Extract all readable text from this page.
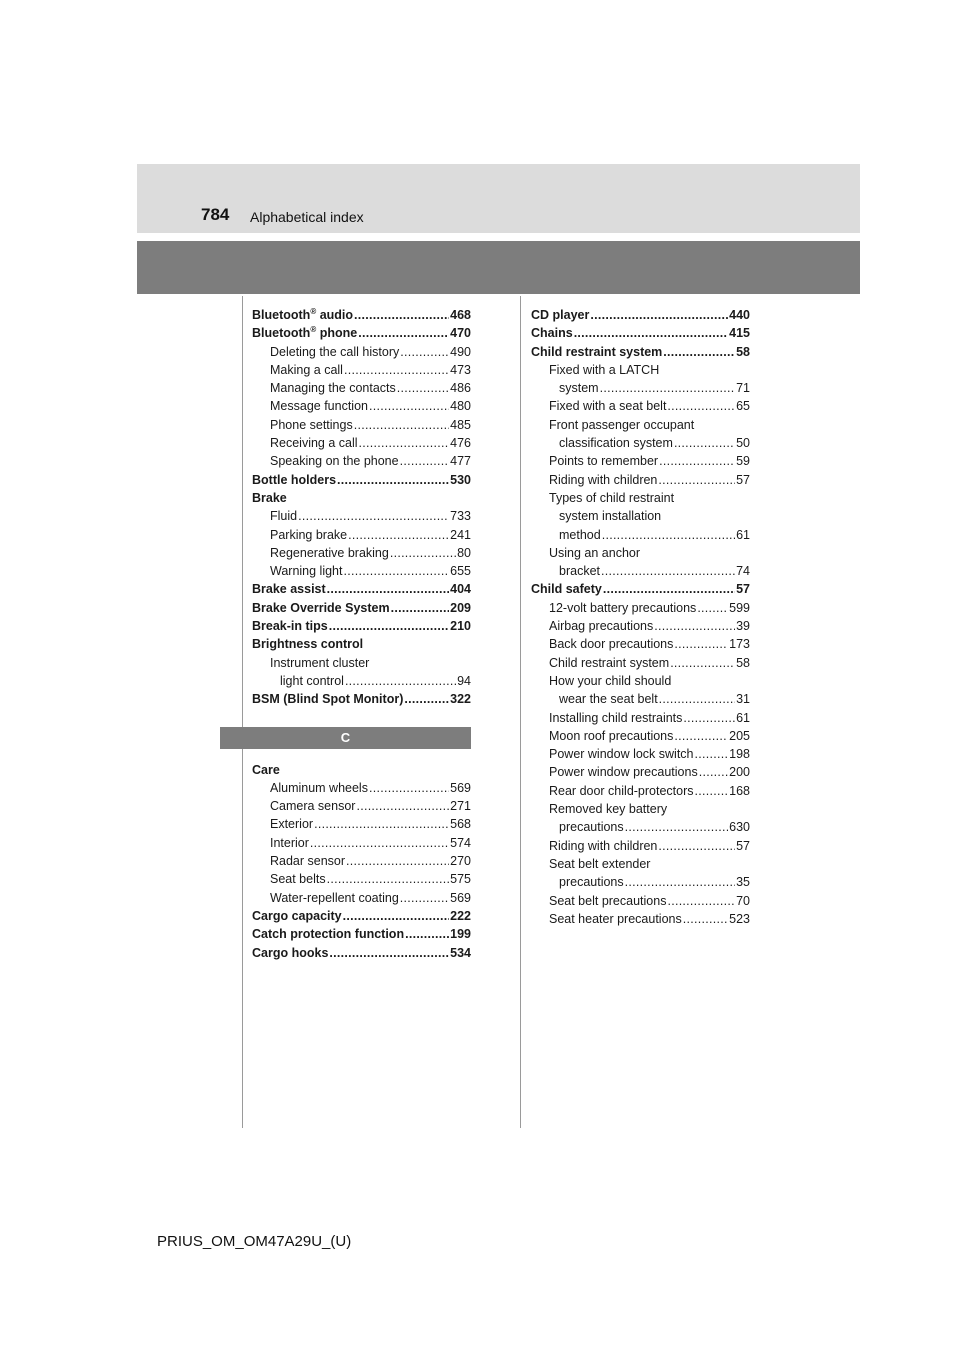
784 Alphabetical index
Bluetooth® audio . . .	468
Bluetooth® phone . . .	470
Deleting the call history . . .	490
Making a call . . .	473
Managing the contacts . . .	486
Message function . . .	480
Phone settings . . .	485
Receiving a call . . .	476
Speaking on the phone . . .	477
Bottle holders . . .	530
Brake
Fluid . . .	733
Parking brake . . .	241
Regenerative braking . . .	80
Warning light . . .	655
Brake assist . . .	404
Brake Override System . . .	209
Break-in tips . . .	210
Brightness control
Instrument cluster
light control . . .	94
BSM (Blind Spot Monitor) . . .	322
C
Care
Aluminum wheels . . .	569
Camera sensor . . .	271
Exterior . . .	568
Interior . . .	574
Radar sensor . . .	270
Seat belts . . .	575
Water-repellent coating . . .	569
Cargo capacity . . .	222
Catch protection function . . .	199
Cargo hooks . . .	534
CD player . . .	440
Chains . . .	415
Child restraint system . . .	58
Fixed with a LATCH
system . . .	71
Fixed with a seat belt . . .	65
Front passenger occupant
classification system . . .	50
Points to remember . . .	59
Riding with children . . .	57
Types of child restraint
system installation
method . . .	61
Using an anchor
bracket . . .	74
Child safety . . .	57
12-volt battery precautions . . .	599
Airbag precautions . . .	39
Back door precautions . . .	173
Child restraint system . . .	58
How your child should
wear the seat belt . . .	31
Installing child restraints . . .	61
Moon roof precautions . . .	205
Power window lock switch . . .	198
Power window precautions . . .	200
Rear door child-protectors . . .	168
Removed key battery
precautions . . .	630
Riding with children . . .	57
Seat belt extender
precautions . . .	35
Seat belt precautions . . .	70
Seat heater precautions . . .	523
PRIUS_OM_OM47A29U_(U)
